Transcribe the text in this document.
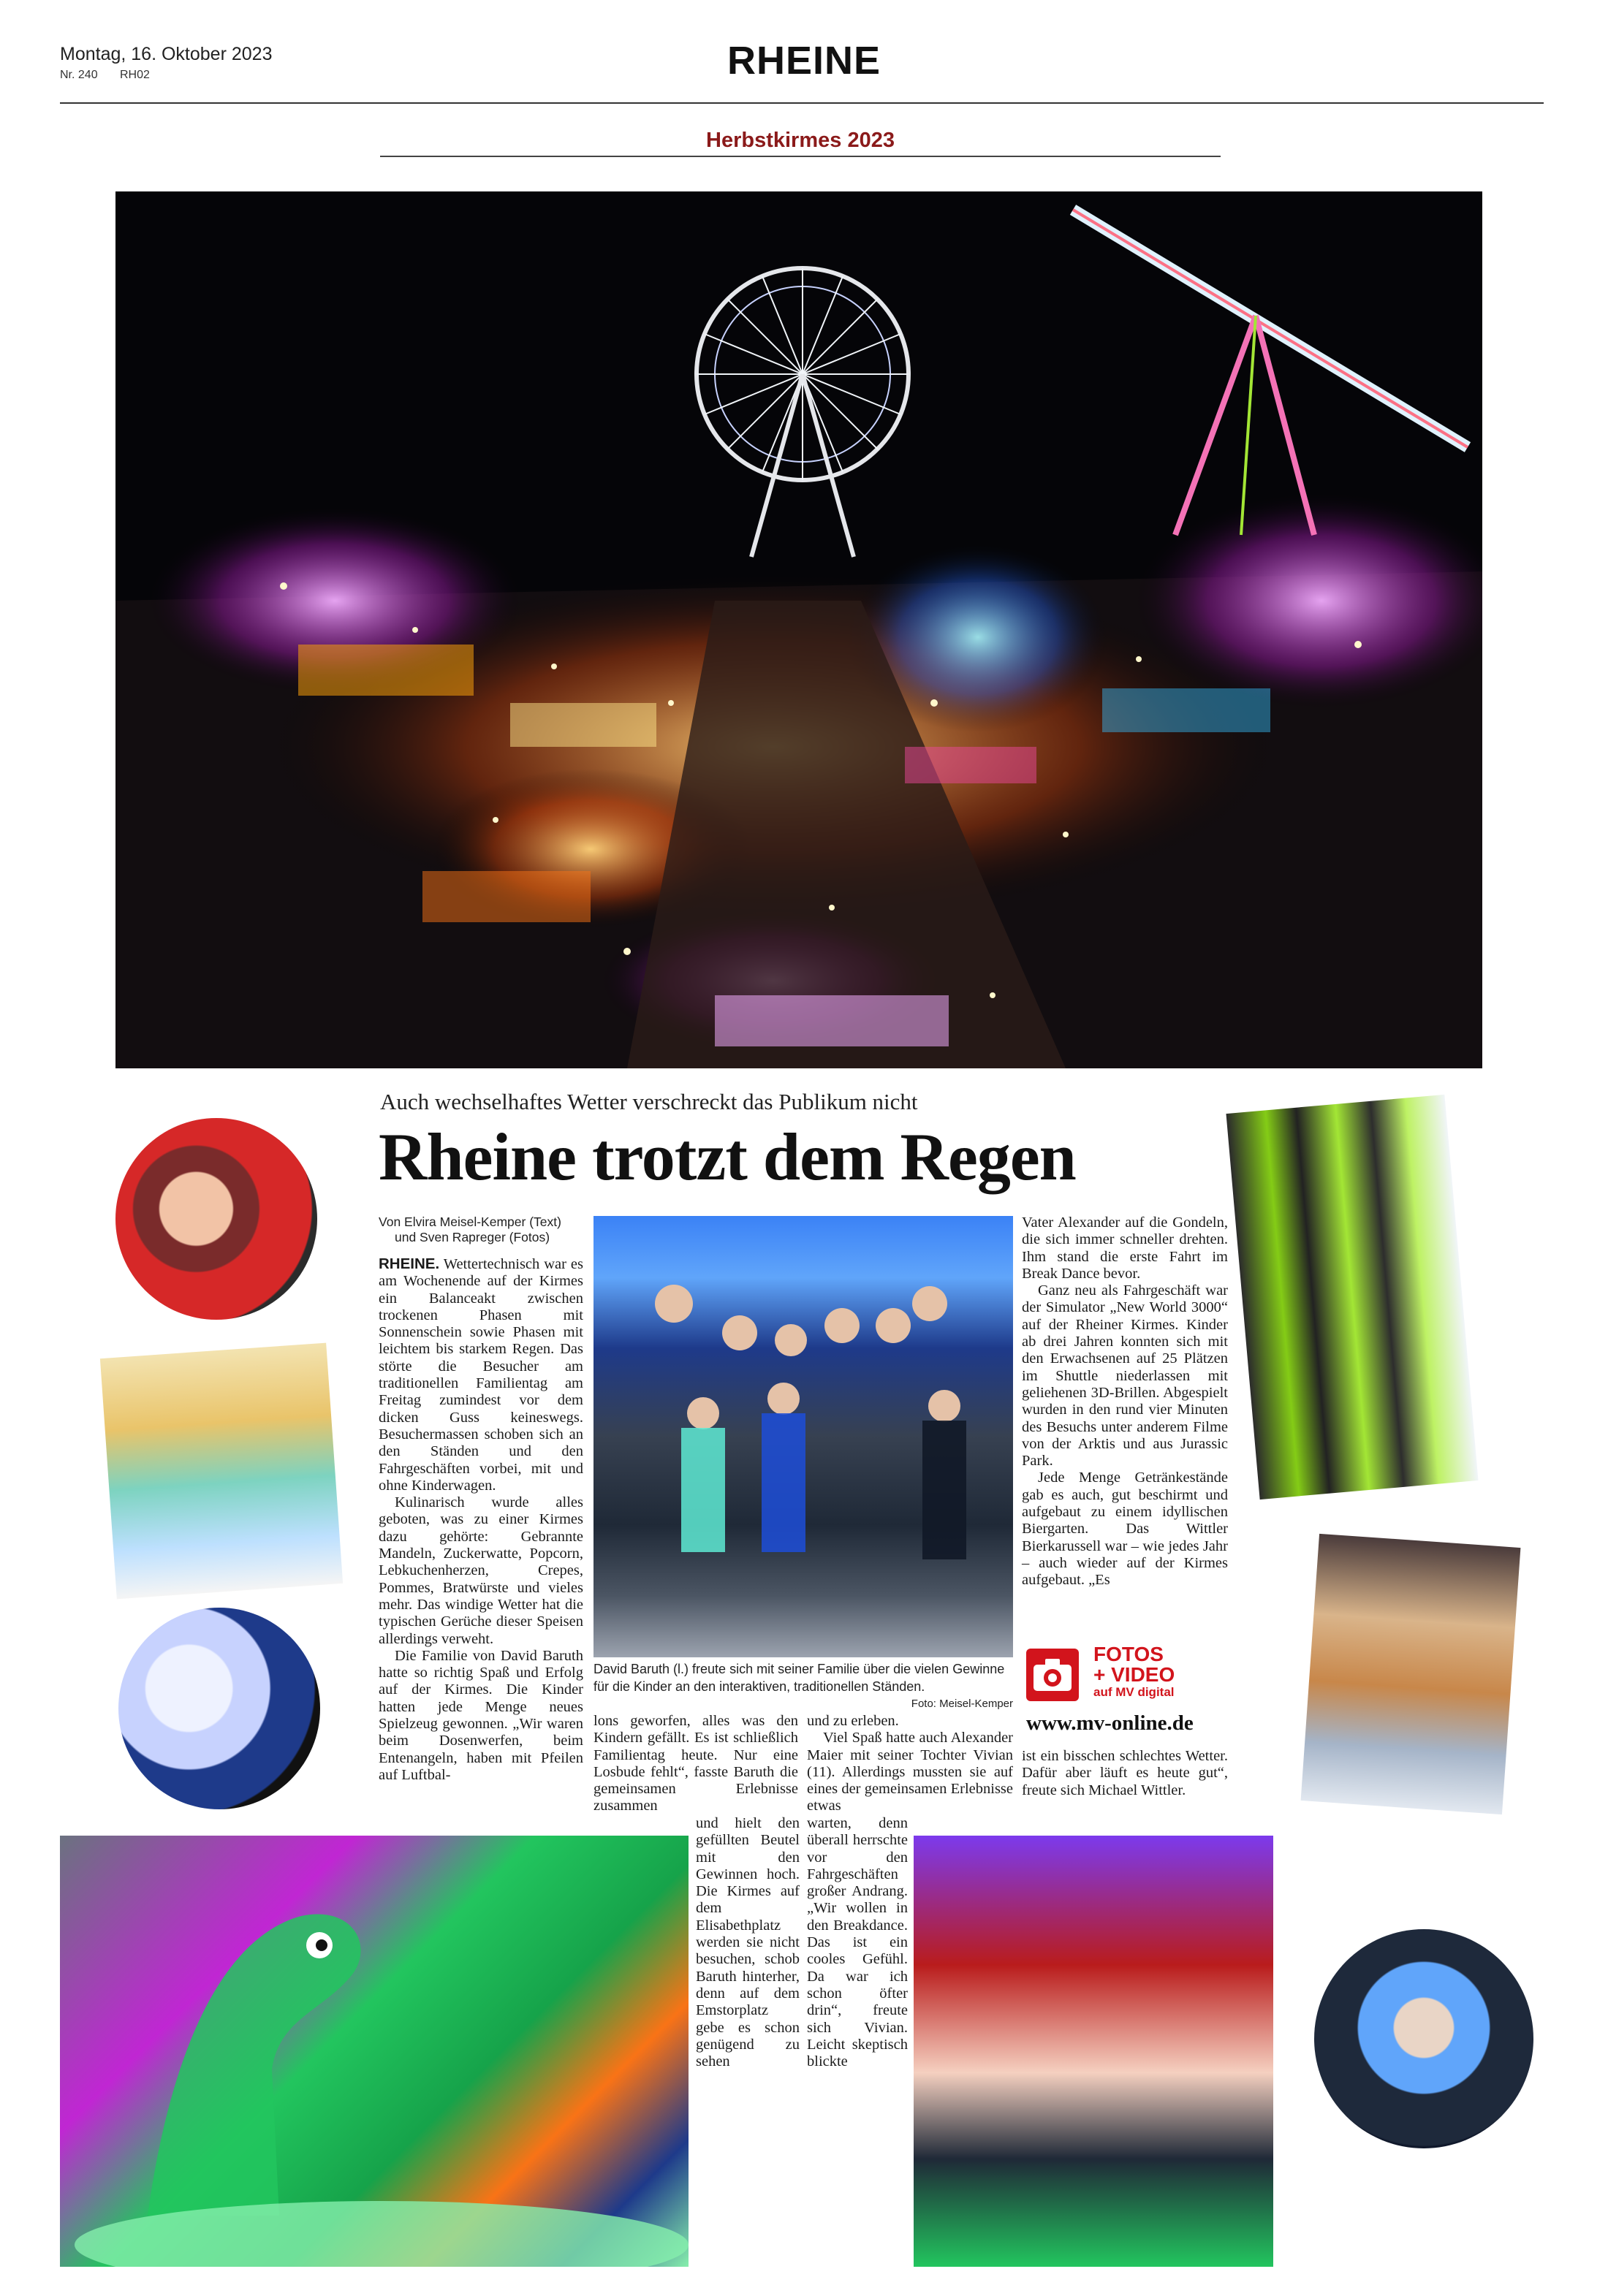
Montag, 16. Oktober 2023
Nr. 240 RH02	RHEINE
Herbstkirmes 2023
Auch wechselhaftes Wetter verschreckt das Publikum nicht
Rheine trotzt dem Regen
Von Elvira Meisel-Kemper (Text)
und Sven Rapreger (Fotos)

RHEINE. Wettertechnisch war es am Wochenende auf der Kirmes ein Balanceakt zwischen trockenen Phasen mit Sonnenschein sowie Phasen mit leichtem bis starkem Regen. Das störte die Besucher am traditionellen Familientag am Freitag zumindest vor dem dicken Guss keineswegs. Besuchermassen schoben sich an den Ständen und den Fahrgeschäften vorbei, mit und ohne Kinderwagen.

Kulinarisch wurde alles geboten, was zu einer Kirmes dazu gehörte: Gebrannte Mandeln, Zuckerwatte, Popcorn, Lebkuchenherzen, Crepes, Pommes, Bratwürste und vieles mehr. Das windige Wetter hat die typischen Gerüche dieser Speisen allerdings verweht.

Die Familie von David Baruth hatte so richtig Spaß und Erfolg auf der Kirmes. Die Kinder hatten jede Menge neues Spielzeug gewonnen. „Wir waren beim Dosenwerfen, beim Entenangeln, haben mit Pfeilen auf Luftbal-

David Baruth (l.) freute sich mit seiner Familie über die vielen Gewinne für die Kinder an den interaktiven, traditionellen Ständen.
Foto: Meisel-Kemper

lons geworfen, alles was den Kindern gefällt. Es ist schließlich Familientag heute. Nur eine Losbude fehlt“, fasste Baruth die gemeinsamen Erlebnisse zusammen

und hielt den gefüllten Beutel mit den Gewinnen hoch. Die Kirmes auf dem Elisabethplatz werden sie nicht besuchen, schob Baruth hinterher, denn auf dem Emstorplatz gebe es schon genügend zu sehen

und zu erleben.

Viel Spaß hatte auch Alexander Maier mit seiner Tochter Vivian (11). Allerdings mussten sie auf eines der gemeinsamen Erlebnisse etwas

warten, denn überall herrschte vor den Fahrgeschäften großer Andrang. „Wir wollen in den Breakdance. Das ist ein cooles Gefühl. Da war ich schon öfter drin“, freute sich Vivian. Leicht skeptisch blickte

Vater Alexander auf die Gondeln, die sich immer schneller drehten. Ihm stand die erste Fahrt im Break Dance bevor.

Ganz neu als Fahrgeschäft war der Simulator „New World 3000“ auf der Rheiner Kirmes. Kinder ab drei Jahren konnten sich mit den Erwachsenen auf 25 Plätzen im Shuttle niederlassen mit geliehenen 3D-Brillen. Abgespielt wurden in den rund vier Minuten des Besuchs unter anderem Filme von der Arktis und aus Jurassic Park.

Jede Menge Getränkestände gab es auch, gut beschirmt und aufgebaut zu einem idyllischen Biergarten. Das Wittler Bierkarussell war – wie jedes Jahr – auch wieder auf der Kirmes aufgebaut. „Es

ist ein bisschen schlechtes Wetter. Dafür aber läuft es heute gut“, freute sich Michael Wittler.

FOTOS
+ VIDEO
auf MV digital
www.mv-online.de
